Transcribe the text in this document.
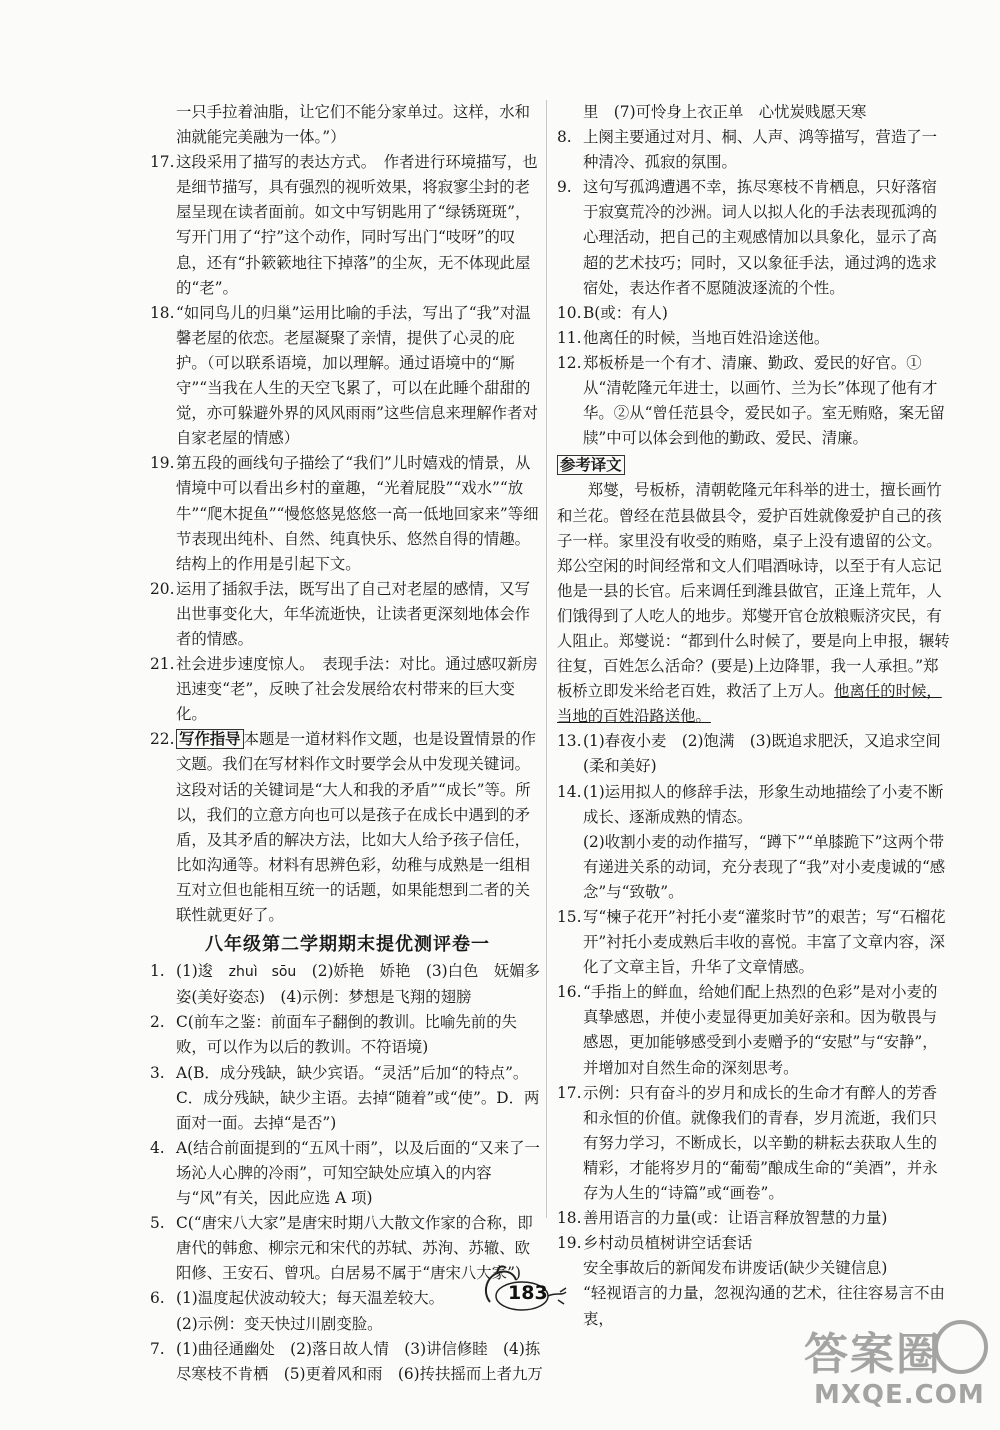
一只手拉着油脂，让它们不能分家单过。这样，水和油就能完美融为一体。”）

17. 这段采用了描写的表达方式。　作者进行环境描写，也是细节描写，具有强烈的视听效果，将寂寥尘封的老屋呈现在读者面前。如文中写钥匙用了“绿锈斑斑”，写开门用了“拧”这个动作，同时写出门“吱呀”的叹息，还有“扑簌簌地往下掉落”的尘灰，无不体现此屋的“老”。
18. “如同鸟儿的归巢”运用比喻的手法，写出了“我”对温馨老屋的依恋。老屋凝聚了亲情，提供了心灵的庇护。（可以联系语境，加以理解。通过语境中的“厮守”“当我在人生的天空飞累了，可以在此睡个甜甜的觉，亦可躲避外界的风风雨雨”这些信息来理解作者对自家老屋的情感）
19. 第五段的画线句子描绘了“我们”儿时嬉戏的情景，从情境中可以看出乡村的童趣，“光着屁股”“戏水”“放牛”“爬木捉鱼”“慢悠悠晃悠悠一高一低地回家来”等细节表现出纯朴、自然、纯真快乐、悠然自得的情趣。　结构上的作用是引起下文。
20. 运用了插叙手法，既写出了自己对老屋的感情，又写出世事变化大，年华流逝快，让读者更深刻地体会作者的情感。
21. 社会进步速度惊人。　表现手法：对比。通过感叹新房迅速变“老”，反映了社会发展给农村带来的巨大变化。
22. 写作指导 本题是一道材料作文题，也是设置情景的作文题。我们在写材料作文时要学会从中发现关键词。这段对话的关键词是“大人和我的矛盾”“成长”等。所以，我们的立意方向也可以是孩子在成长中遇到的矛盾，及其矛盾的解决方法，比如大人给予孩子信任，比如沟通等。材料有思辨色彩，幼稚与成熟是一组相互对立但也能相互统一的话题，如果能想到二者的关联性就更好了。
八年级第二学期期末提优测评卷一
1. (1)逡　zhuì　sōu　(2)娇艳　娇艳　(3)白色　妩媚多姿(美好姿态)　(4)示例：梦想是飞翔的翅膀
2. C(前车之鉴：前面车子翻倒的教训。比喻先前的失败，可以作为以后的教训。不符语境)
3. A(B．成分残缺，缺少宾语。“灵活”后加“的特点”。C．成分残缺，缺少主语。去掉“随着”或“使”。D．两面对一面。去掉“是否”)
4. A(结合前面提到的“五风十雨”，以及后面的“又来了一场沁人心脾的冷雨”，可知空缺处应填入的内容与“风”有关，因此应选 A 项)
5. C(“唐宋八大家”是唐宋时期八大散文作家的合称，即唐代的韩愈、柳宗元和宋代的苏轼、苏洵、苏辙、欧阳修、王安石、曾巩。白居易不属于“唐宋八大家”)
6. (1)温度起伏波动较大；每天温差较大。
(2)示例：变天快过川剧变脸。
7. (1)曲径通幽处　(2)落日故人情　(3)讲信修睦　(4)拣尽寒枝不肯栖　(5)更着风和雨　(6)抟扶摇而上者九万

里　(7)可怜身上衣正单　心忧炭贱愿天寒

8. 上阕主要通过对月、桐、人声、鸿等描写，营造了一种清冷、孤寂的氛围。
9. 这句写孤鸿遭遇不幸，拣尽寒枝不肯栖息，只好落宿于寂寞荒冷的沙洲。词人以拟人化的手法表现孤鸿的心理活动，把自己的主观感情加以具象化，显示了高超的艺术技巧；同时，又以象征手法，通过鸿的选求宿处，表达作者不愿随波逐流的个性。
10. B(或：有人)
11. 他离任的时候，当地百姓沿途送他。
12. 郑板桥是一个有才、清廉、勤政、爱民的好官。①从“清乾隆元年进士，以画竹、兰为长”体现了他有才华。②从“曾任范县令，爱民如子。室无贿赂，案无留牍”中可以体会到他的勤政、爱民、清廉。
参考译文

郑燮，号板桥，清朝乾隆元年科举的进士，擅长画竹和兰花。曾经在范县做县令，爱护百姓就像爱护自己的孩子一样。家里没有收受的贿赂，桌子上没有遗留的公文。郑公空闲的时间经常和文人们唱酒咏诗，以至于有人忘记他是一县的长官。后来调任到潍县做官，正逢上荒年，人们饿得到了人吃人的地步。郑燮开官仓放粮赈济灾民，有人阻止。郑燮说：“都到什么时候了，要是向上申报，辗转往复，百姓怎么活命？(要是)上边降罪，我一人承担。”郑板桥立即发米给老百姓，救活了上万人。他离任的时候，当地的百姓沿路送他。

13. (1)春夜小麦　(2)饱满　(3)既追求肥沃，又追求空间(柔和美好)
14. (1)运用拟人的修辞手法，形象生动地描绘了小麦不断成长、逐渐成熟的情态。
(2)收割小麦的动作描写，“蹲下”“单膝跪下”这两个带有递进关系的动词，充分表现了“我”对小麦虔诚的“感念”与“致敬”。
15. 写“楝子花开”衬托小麦“灌浆时节”的艰苦；写“石榴花开”衬托小麦成熟后丰收的喜悦。丰富了文章内容，深化了文章主旨，升华了文章情感。
16. “手指上的鲜血，给她们配上热烈的色彩”是对小麦的真挚感恩，并使小麦显得更加美好亲和。因为敬畏与感恩，更加能够感受到小麦赠予的“安慰”与“安静”，并增加对自然生命的深刻思考。
17. 示例：只有奋斗的岁月和成长的生命才有醉人的芳香和永恒的价值。就像我们的青春，岁月流逝，我们只有努力学习，不断成长，以辛勤的耕耘去获取人生的精彩，才能将岁月的“葡萄”酿成生命的“美酒”，并永存为人生的“诗篇”或“画卷”。
18. 善用语言的力量(或：让语言释放智慧的力量)
19. 乡村动员植树讲空话套话
安全事故后的新闻发布讲废话(缺少关键信息)
“轻视语言的力量，忽视沟通的艺术，往往容易言不由衷，
183
答案圈
MXQE.COM
